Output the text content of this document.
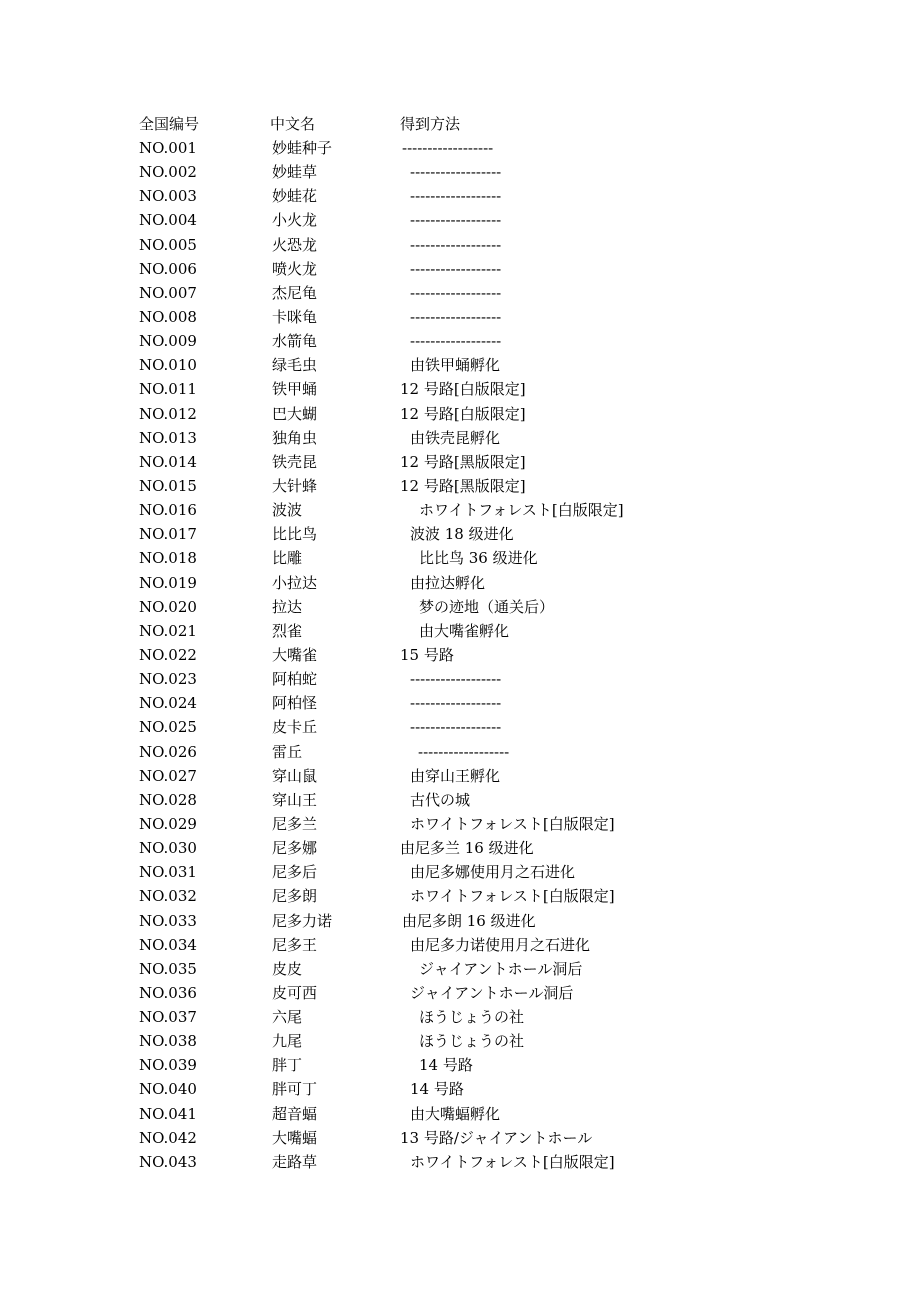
全国编号	中文名	得到方法
NO.001	妙蛙种子	------------------
NO.002	妙蛙草	------------------
NO.003	妙蛙花	------------------
NO.004	小火龙	------------------
NO.005	火恐龙	------------------
NO.006	喷火龙	------------------
NO.007	杰尼龟	------------------
NO.008	卡咪龟	------------------
NO.009	水箭龟	------------------
NO.010	绿毛虫	由铁甲蛹孵化
NO.011	铁甲蛹	12 号路[白版限定]
NO.012	巴大蝴	12 号路[白版限定]
NO.013	独角虫	由铁壳昆孵化
NO.014	铁壳昆	12 号路[黑版限定]
NO.015	大针蜂	12 号路[黑版限定]
NO.016	波波	ホワイトフォレスト[白版限定]
NO.017	比比鸟	波波 18 级进化
NO.018	比雕	比比鸟 36 级进化
NO.019	小拉达	由拉达孵化
NO.020	拉达	梦の迹地（通关后）
NO.021	烈雀	由大嘴雀孵化
NO.022	大嘴雀	15 号路
NO.023	阿柏蛇	------------------
NO.024	阿柏怪	------------------
NO.025	皮卡丘	------------------
NO.026	雷丘	------------------
NO.027	穿山鼠	由穿山王孵化
NO.028	穿山王	古代の城
NO.029	尼多兰	ホワイトフォレスト[白版限定]
NO.030	尼多娜	由尼多兰 16 级进化
NO.031	尼多后	由尼多娜使用月之石进化
NO.032	尼多朗	ホワイトフォレスト[白版限定]
NO.033	尼多力诺	由尼多朗 16 级进化
NO.034	尼多王	由尼多力诺使用月之石进化
NO.035	皮皮	ジャイアントホール洞后
NO.036	皮可西	ジャイアントホール洞后
NO.037	六尾	ほうじょうの社
NO.038	九尾	ほうじょうの社
NO.039	胖丁	14 号路
NO.040	胖可丁	14 号路
NO.041	超音蝠	由大嘴蝠孵化
NO.042	大嘴蝠	13 号路/ジャイアントホール
NO.043	走路草	ホワイトフォレスト[白版限定]
